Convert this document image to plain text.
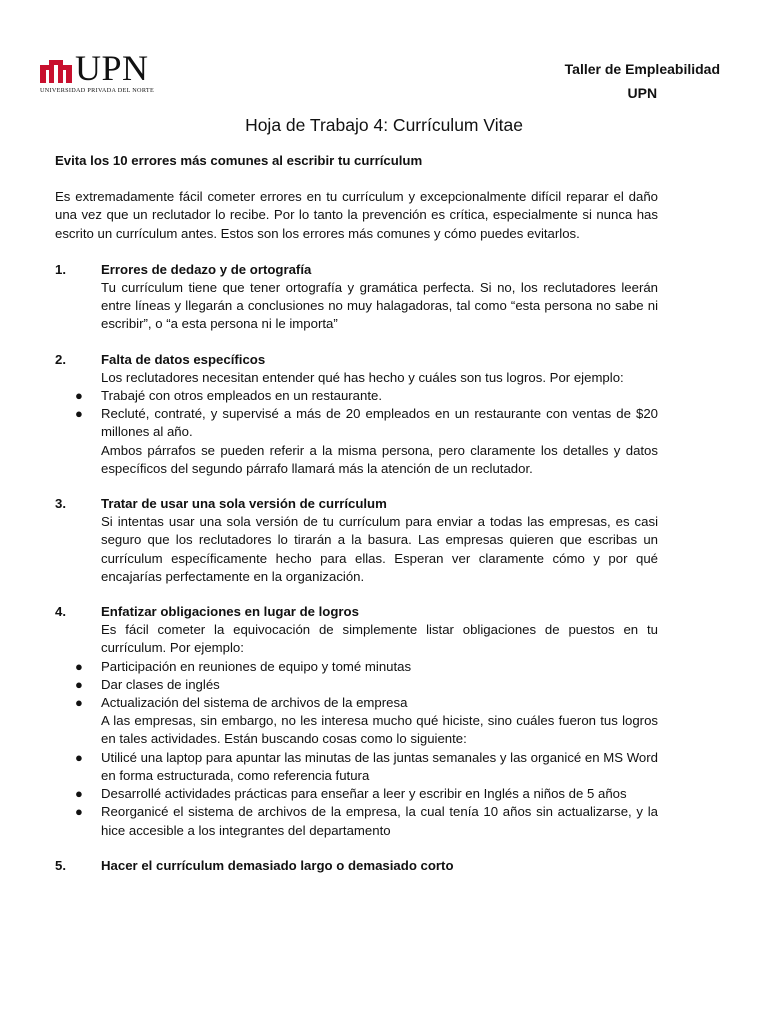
UPN
UNIVERSIDAD PRIVADA DEL NORTE
Taller de Empleabilidad
UPN
Hoja de Trabajo 4: Currículum Vitae
Evita los 10 errores más comunes al escribir tu currículum
Es extremadamente fácil cometer errores en tu currículum y excepcionalmente difícil reparar el daño una vez que un reclutador lo recibe. Por lo tanto la prevención es crítica, especialmente si nunca has escrito un currículum antes. Estos son los errores más comunes y cómo puedes evitarlos.
1.	Errores de dedazo y de ortografía
Tu currículum tiene que tener ortografía y gramática perfecta. Si no, los reclutadores leerán entre líneas y llegarán a conclusiones no muy halagadoras, tal como “esta persona no sabe ni escribir”, o “a esta persona ni le importa”
2.	Falta de datos específicos
Los reclutadores necesitan entender qué has hecho y cuáles son tus logros. Por ejemplo:
● Trabajé con otros empleados en un restaurante.
● Recluté, contraté, y supervisé a más de 20 empleados en un restaurante con ventas de $20 millones al año.
Ambos párrafos se pueden referir a la misma persona, pero claramente los detalles y datos específicos del segundo párrafo llamará más la atención de un reclutador.
3.	Tratar de usar una sola versión de currículum
Si intentas usar una sola versión de tu currículum para enviar a todas las empresas, es casi seguro que los reclutadores lo tirarán a la basura. Las empresas quieren que escribas un currículum específicamente hecho para ellas. Esperan ver claramente cómo y por qué encajarías perfectamente en la organización.
4.	Enfatizar obligaciones en lugar de logros
Es fácil cometer la equivocación de simplemente listar obligaciones de puestos en tu currículum. Por ejemplo:
● Participación en reuniones de equipo y tomé minutas
● Dar clases de inglés
● Actualización del sistema de archivos de la empresa
A las empresas, sin embargo, no les interesa mucho qué hiciste, sino cuáles fueron tus logros en tales actividades. Están buscando cosas como lo siguiente:
● Utilicé una laptop para apuntar las minutas de las juntas semanales y las organicé en MS Word en forma estructurada, como referencia futura
● Desarrollé actividades prácticas para enseñar a leer y escribir en Inglés a niños de 5 años
● Reorganicé el sistema de archivos de la empresa, la cual tenía 10 años sin actualizarse, y la hice accesible a los integrantes del departamento
5.	Hacer el currículum demasiado largo o demasiado corto
